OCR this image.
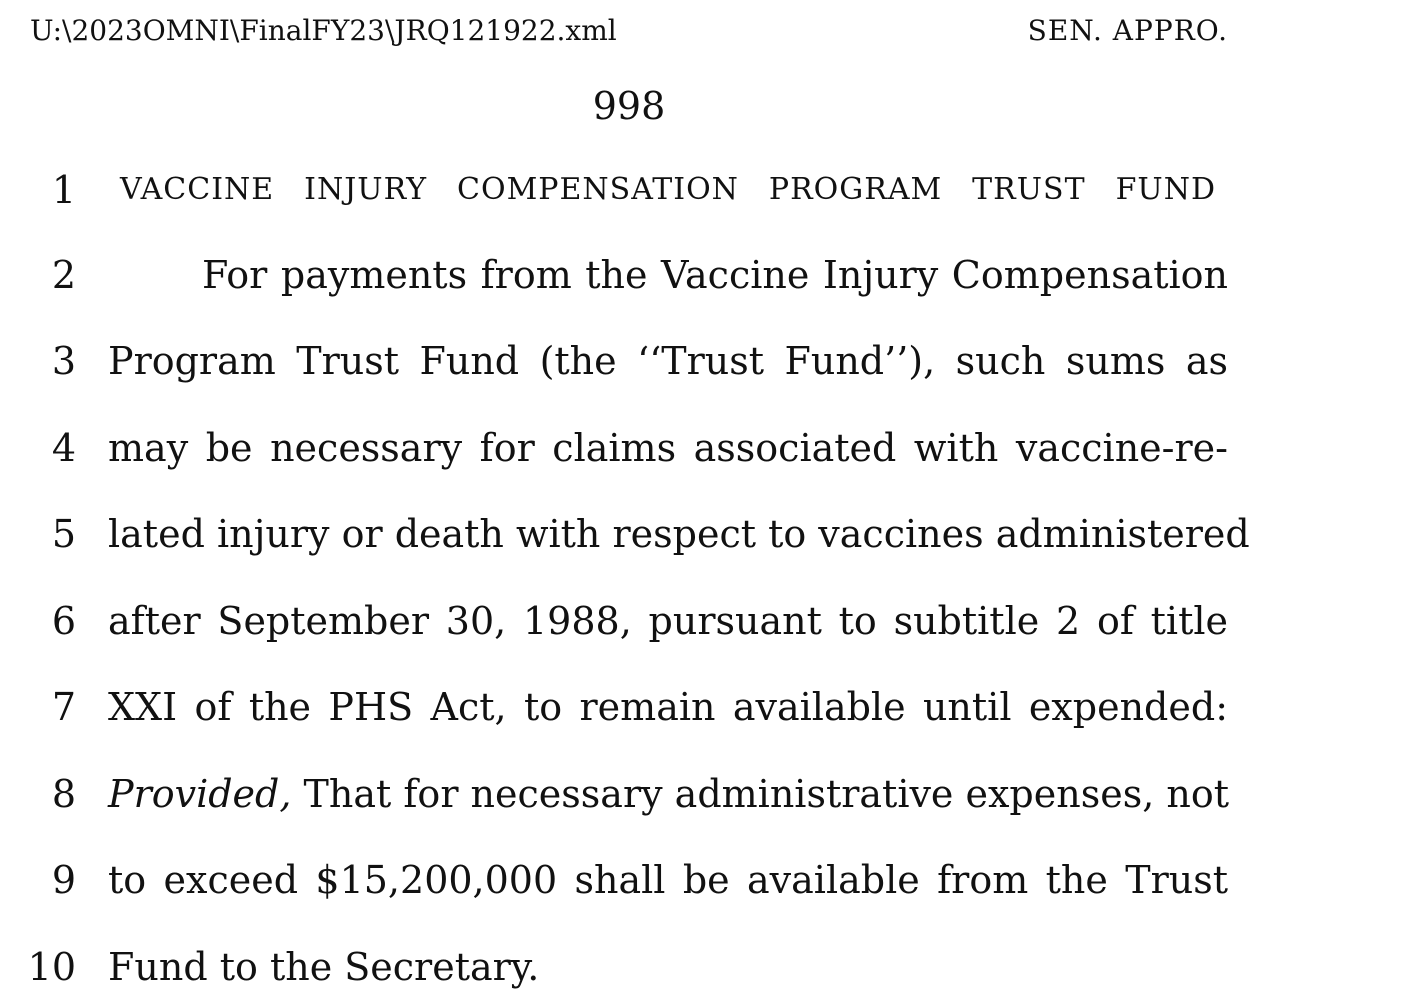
U:\2023OMNI\FinalFY23\JRQ121922.xml	SEN. APPRO.
998
1 VACCINE INJURY COMPENSATION PROGRAM TRUST FUND
2	For payments from the Vaccine Injury Compensation
3 Program Trust Fund (the ‘‘Trust Fund’’), such sums as
4 may be necessary for claims associated with vaccine-re-
5 lated injury or death with respect to vaccines administered
6 after September 30, 1988, pursuant to subtitle 2 of title
7 XXI of the PHS Act, to remain available until expended:
8 Provided, That for necessary administrative expenses, not
9 to exceed $15,200,000 shall be available from the Trust
10 Fund to the Secretary.
